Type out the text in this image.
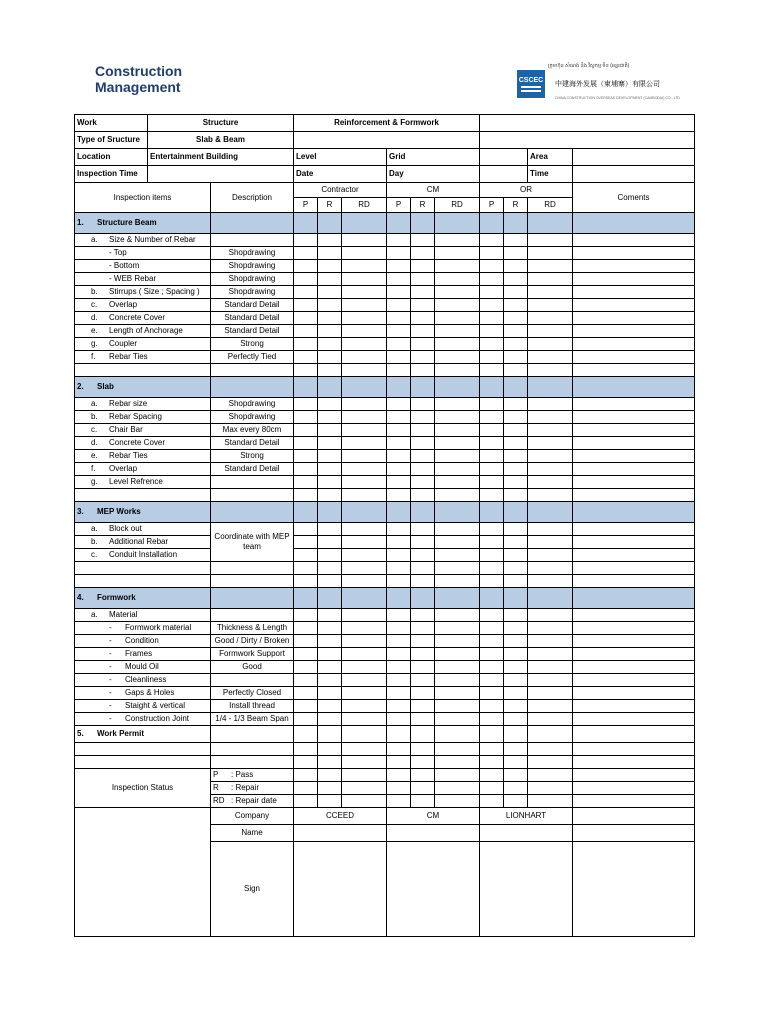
Construction
Management	CSCEC
ក្រុមហ៊ុន សំណង់ និង វិស្វកម្ម ចិន (អន្តរជាតិ)
中建海外发展（柬埔寨）有限公司
CHINA CONSTRUCTION OVERSEAS DEVELOPMENT (CAMBODIA) CO., LTD
Work	Structure		Reinforcement & Formwork									
Type of Sructure	Slab & Beam											
Location	Entertainment Building		Level			Grid					Area	
Inspection Time			Date			Day					Time	
Inspection items		Description	Contractor			CM			OR			Coments
			P	R	RD	P	R	RD	P	R	RD	
1. Structure Beam												
a. Size & Number of Rebar												
- Top		Shopdrawing										
- Bottom		Shopdrawing										
- WEB Rebar		Shopdrawing										
b. Stirrups ( Size ; Spacing )		Shopdrawing										
c. Overlap		Standard Detail										
d. Concrete Cover		Standard Detail										
e. Length of Anchorage		Standard Detail										
g. Coupler		Strong										
f. Rebar Ties		Perfectly Tied										

2. Slab												
a. Rebar size		Shopdrawing										
b. Rebar Spacing		Shopdrawing										
c. Chair Bar		Max every 80cm										
d. Concrete Cover		Standard Detail										
e. Rebar Ties		Strong										
f. Overlap		Standard Detail										
g. Level Refrence												

3. MEP Works												
a. Block out		Coordinate with MEP team										
b. Additional Rebar												
c. Conduit Installation												

4. Formwork												
a. Material												
- Formwork material		Thickness & Length										
- Condition		Good / Dirty / Broken										
- Frames		Formwork Support										
- Mould Oil		Good										
- Cleanliness												
- Gaps & Holes		Perfectly Closed										
- Staight & vertical		Install thread										
- Construction Joint		1/4 - 1/3 Beam Span										
5. Work Permit												

Inspection Status		P : Pass										
		R : Repair										
		RD : Repair date										
		Company	CCEED			CM			LIONHART			
		Name										
		Sign										
